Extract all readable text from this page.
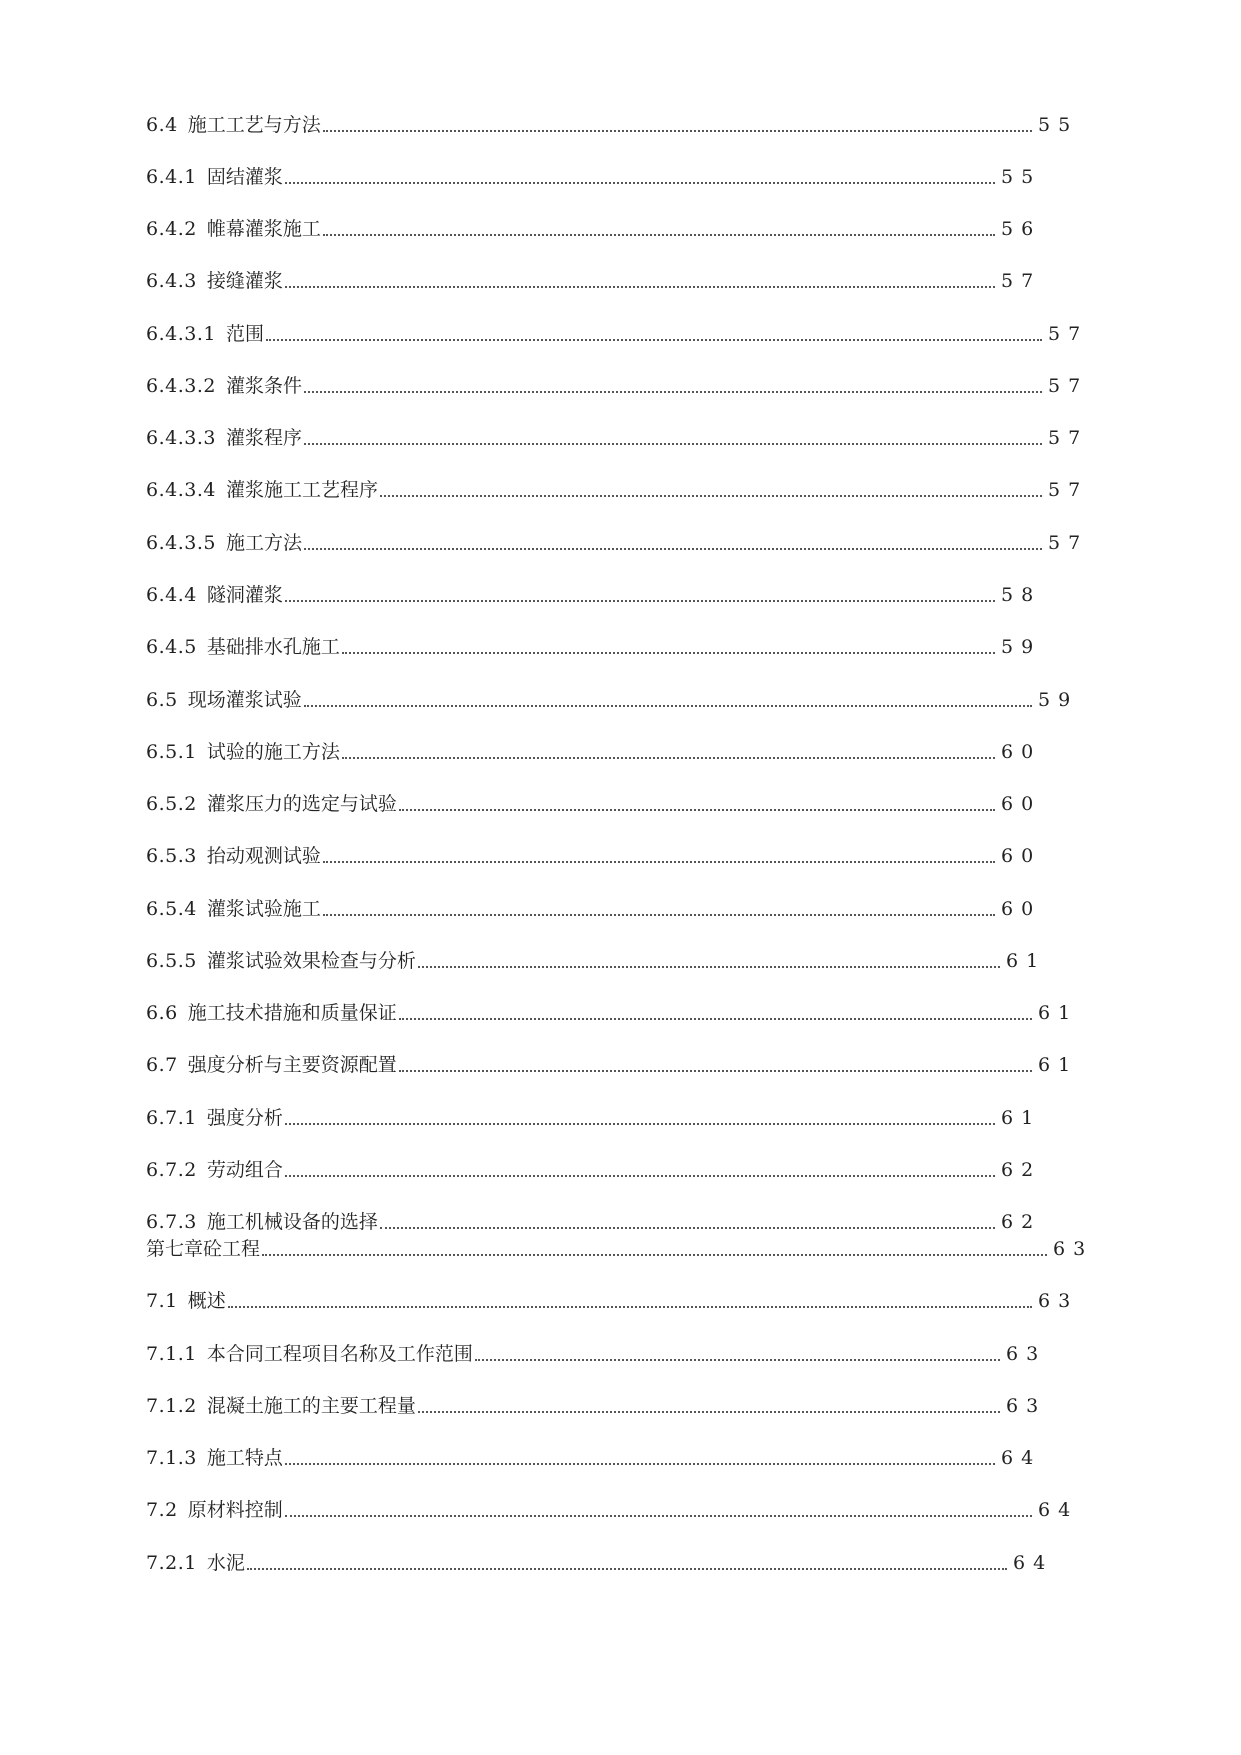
6.4 施工工艺与方法	55
6.4.1 固结灌浆	55
6.4.2 帷幕灌浆施工	56
6.4.3 接缝灌浆	57
6.4.3.1 范围	57
6.4.3.2 灌浆条件	57
6.4.3.3 灌浆程序	57
6.4.3.4 灌浆施工工艺程序	57
6.4.3.5 施工方法	57
6.4.4 隧洞灌浆	58
6.4.5 基础排水孔施工	59
6.5 现场灌浆试验	59
6.5.1 试验的施工方法	60
6.5.2 灌浆压力的选定与试验	60
6.5.3 抬动观测试验	60
6.5.4 灌浆试验施工	60
6.5.5 灌浆试验效果检查与分析	61
6.6 施工技术措施和质量保证	61
6.7 强度分析与主要资源配置	61
6.7.1 强度分析	61
6.7.2 劳动组合	62
6.7.3 施工机械设备的选择	62
第七章砼工程	63
7.1 概述	63
7.1.1 本合同工程项目名称及工作范围	63
7.1.2 混凝土施工的主要工程量	63
7.1.3 施工特点	64
7.2 原材料控制	64
7.2.1 水泥	64
